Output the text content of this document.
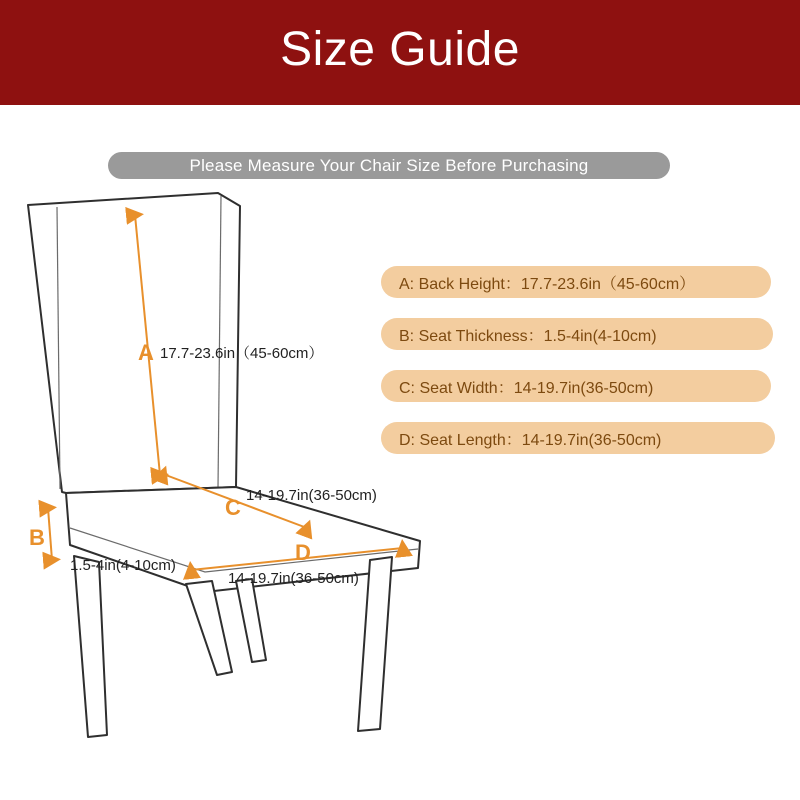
Size Guide
Please Measure Your Chair Size Before Purchasing
A: Back Height：17.7-23.6in（45-60cm）
B: Seat Thickness：1.5-4in(4-10cm)
C: Seat Width：14-19.7in(36-50cm)
D: Seat Length：14-19.7in(36-50cm)
A 17.7-23.6in（45-60cm）
B
1.5-4in(4-10cm)
C 14-19.7in(36-50cm)
D
14-19.7in(36-50cm)
